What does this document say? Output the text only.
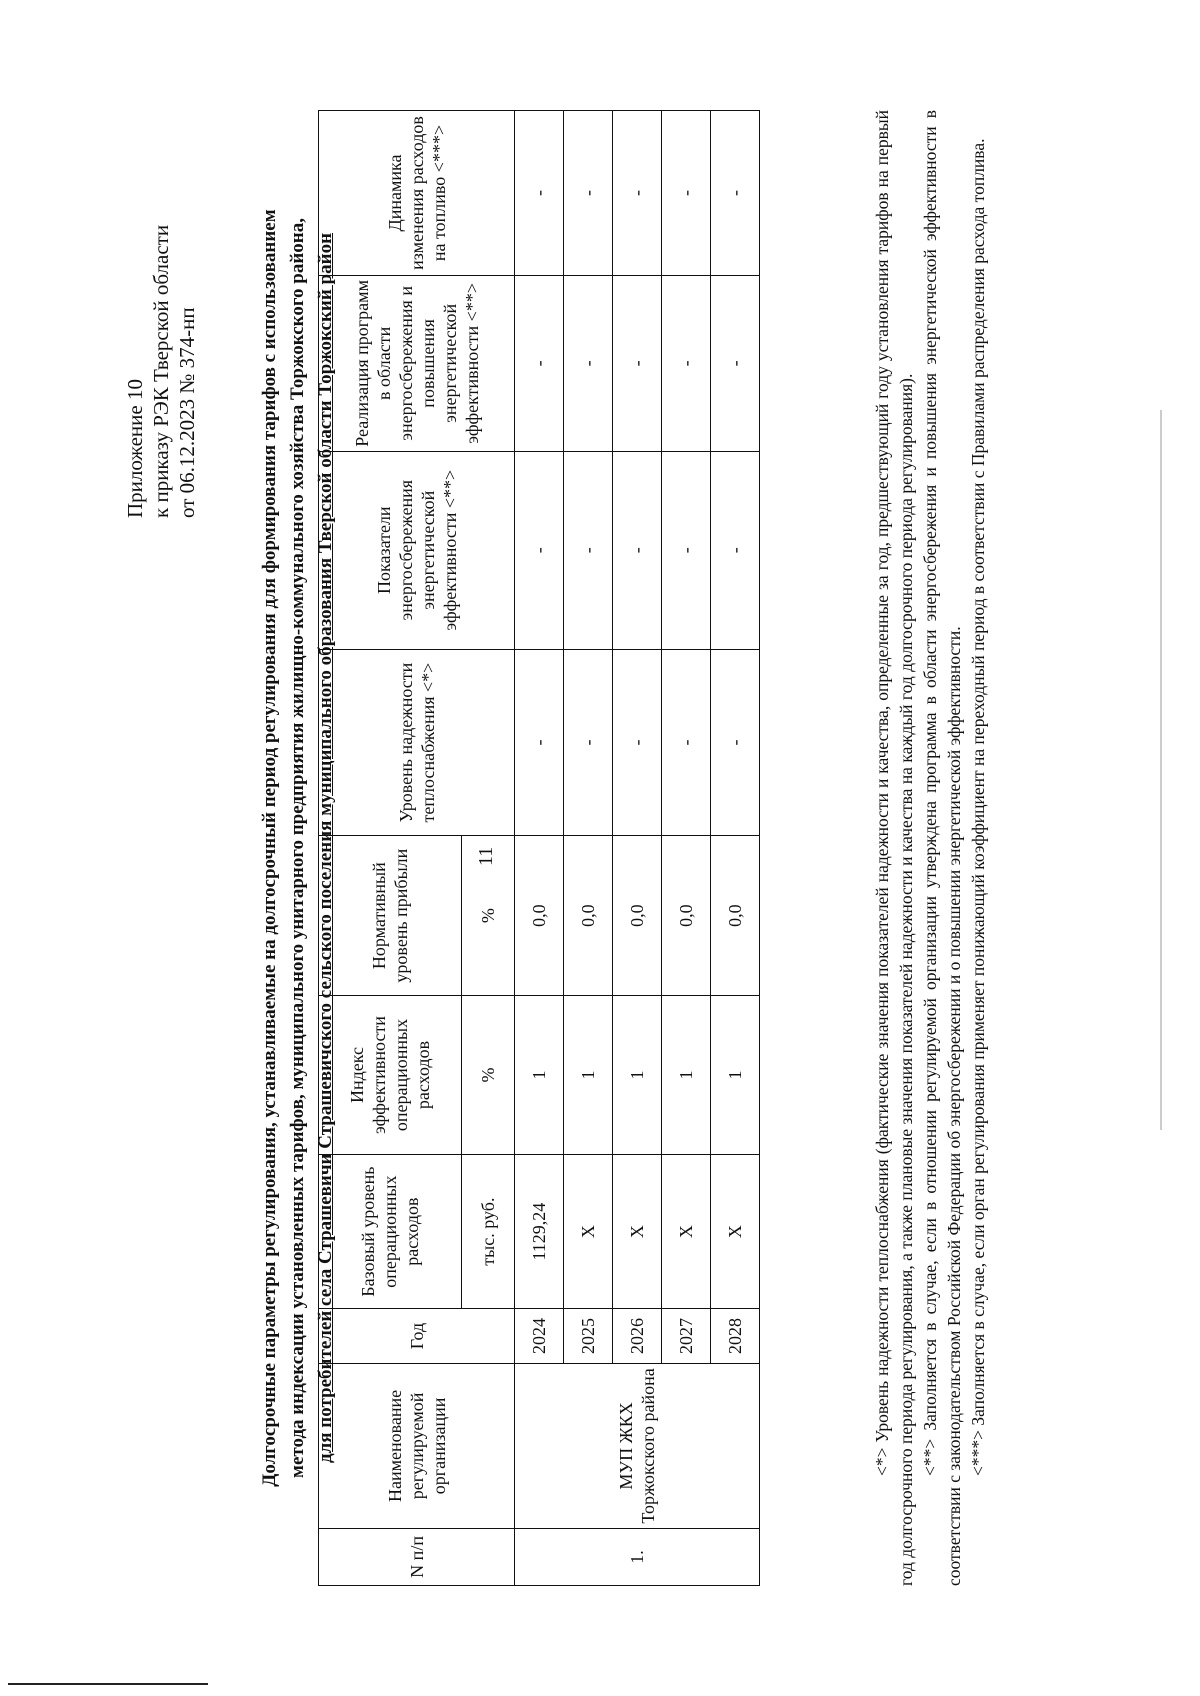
11
Приложение 10 к приказу РЭК Тверской области от 06.12.2023 № 374-нп	Долгосрочные параметры регулирования, устанавливаемые на долгосрочный период регулирования для формирования тарифов с использованием метода индексации установленных тарифов, муниципального унитарного предприятия жилищно-коммунального хозяйства Торжокского района, для потребителей села Страшевичи Страшевичского сельского поселения муниципального образования Тверской области Торжокский район
N п/п	Наименование регулируемой организации	Год	Базовый уровень операционных расходов	Индекс эффективности операционных расходов	Нормативный уровень прибыли	Уровень надежности теплоснабжения <*>	Показатели энергосбережения энергетической эффективности <**>	Реализация программ в области энергосбережения и повышения энергетической эффективности <**>	Динамика изменения расходов на топливо <***>
			тыс. руб.	%	%				
1.	МУП ЖКХ Торжокского района	2024	1129,24	1	0,0	-	-	-	-
		2025	X	1	0,0	-	-	-	-
		2026	X	1	0,0	-	-	-	-
		2027	X	1	0,0	-	-	-	-
		2028	X	1	0,0	-	-	-	-	<*> Уровень надежности теплоснабжения (фактические значения показателей надежности и качества, определенные за год, предшествующий году установления тарифов на первый год долгосрочного периода регулирования, а также плановые значения показателей надежности и качества на каждый год долгосрочного периода регулирования). <**> Заполняется в случае, если в отношении регулируемой организации утверждена программа в области энергосбережения и повышения энергетической эффективности в соответствии с законодательством Российской Федерации об энергосбережении и о повышении энергетической эффективности. <***> Заполняется в случае, если орган регулирования применяет понижающий коэффициент на переходный период в соответствии с Правилами распределения расхода топлива.
